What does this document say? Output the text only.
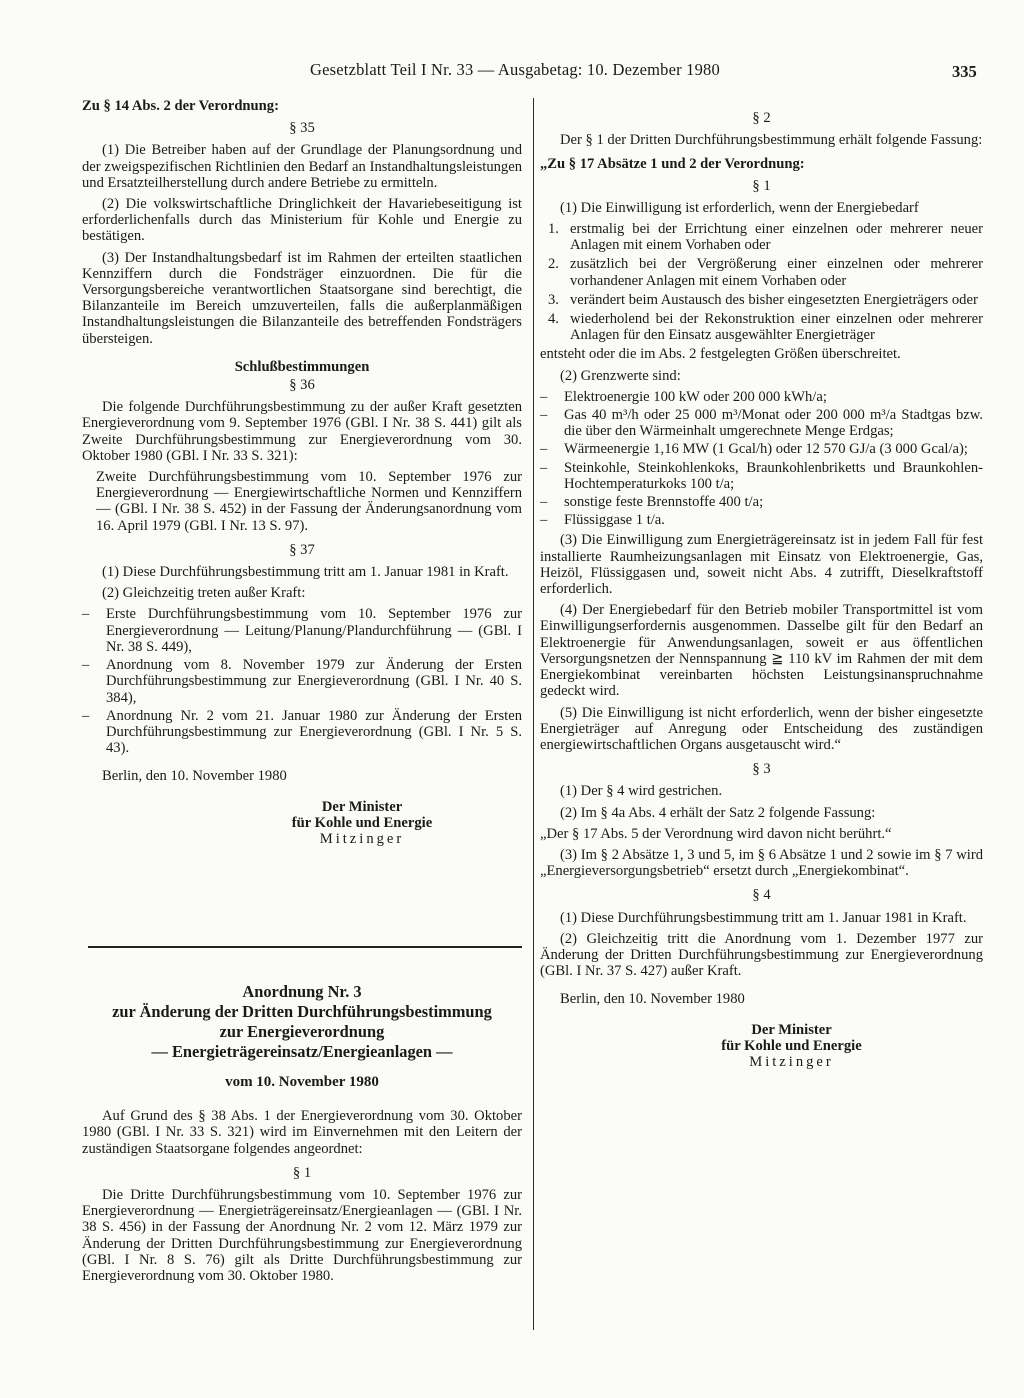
Gesetzblatt Teil I Nr. 33 — Ausgabetag: 10. Dezember 1980	335

Zu § 14 Abs. 2 der Verordnung:

§ 35

(1) Die Betreiber haben auf der Grundlage der Planungsordnung und der zweigspezifischen Richtlinien den Bedarf an Instandhaltungsleistungen und Ersatzteilherstellung durch andere Betriebe zu ermitteln.

(2) Die volkswirtschaftliche Dringlichkeit der Havariebeseitigung ist erforderlichenfalls durch das Ministerium für Kohle und Energie zu bestätigen.

(3) Der Instandhaltungsbedarf ist im Rahmen der erteilten staatlichen Kennziffern durch die Fondsträger einzuordnen. Die für die Versorgungsbereiche verantwortlichen Staatsorgane sind berechtigt, die Bilanzanteile im Bereich umzuverteilen, falls die außerplanmäßigen Instandhaltungsleistungen die Bilanzanteile des betreffenden Fondsträgers übersteigen.

Schlußbestimmungen
§ 36

Die folgende Durchführungsbestimmung zu der außer Kraft gesetzten Energieverordnung vom 9. September 1976 (GBl. I Nr. 38 S. 441) gilt als Zweite Durchführungsbestimmung zur Energieverordnung vom 30. Oktober 1980 (GBl. I Nr. 33 S. 321):

Zweite Durchführungsbestimmung vom 10. September 1976 zur Energieverordnung — Energiewirtschaftliche Normen und Kennziffern — (GBl. I Nr. 38 S. 452) in der Fassung der Änderungsanordnung vom 16. April 1979 (GBl. I Nr. 13 S. 97).

§ 37

(1) Diese Durchführungsbestimmung tritt am 1. Januar 1981 in Kraft.

(2) Gleichzeitig treten außer Kraft:

–	Erste Durchführungsbestimmung vom 10. September 1976 zur Energieverordnung — Leitung/Planung/Plandurchführung — (GBl. I Nr. 38 S. 449),
–	Anordnung vom 8. November 1979 zur Änderung der Ersten Durchführungsbestimmung zur Energieverordnung (GBl. I Nr. 40 S. 384),
–	Anordnung Nr. 2 vom 21. Januar 1980 zur Änderung der Ersten Durchführungsbestimmung zur Energieverordnung (GBl. I Nr. 5 S. 43).

Berlin, den 10. November 1980

Der Minister
für Kohle und Energie
Mitzinger
Anordnung Nr. 3
zur Änderung der Dritten Durchführungsbestimmung
zur Energieverordnung
— Energieträgereinsatz/Energieanlagen —
vom 10. November 1980

Auf Grund des § 38 Abs. 1 der Energieverordnung vom 30. Oktober 1980 (GBl. I Nr. 33 S. 321) wird im Einvernehmen mit den Leitern der zuständigen Staatsorgane folgendes angeordnet:

§ 1

Die Dritte Durchführungsbestimmung vom 10. September 1976 zur Energieverordnung — Energieträgereinsatz/Energieanlagen — (GBl. I Nr. 38 S. 456) in der Fassung der Anordnung Nr. 2 vom 12. März 1979 zur Änderung der Dritten Durchführungsbestimmung zur Energieverordnung (GBl. I Nr. 8 S. 76) gilt als Dritte Durchführungsbestimmung zur Energieverordnung vom 30. Oktober 1980.

§ 2

Der § 1 der Dritten Durchführungsbestimmung erhält folgende Fassung:

„Zu § 17 Absätze 1 und 2 der Verordnung:

§ 1

(1) Die Einwilligung ist erforderlich, wenn der Energiebedarf

1. erstmalig bei der Errichtung einer einzelnen oder mehrerer neuer Anlagen mit einem Vorhaben oder
2. zusätzlich bei der Vergrößerung einer einzelnen oder mehrerer vorhandener Anlagen mit einem Vorhaben oder
3. verändert beim Austausch des bisher eingesetzten Energieträgers oder
4. wiederholend bei der Rekonstruktion einer einzelnen oder mehrerer Anlagen für den Einsatz ausgewählter Energieträger

entsteht oder die im Abs. 2 festgelegten Größen überschreitet.

(2) Grenzwerte sind:

–	Elektroenergie 100 kW oder 200 000 kWh/a;
–	Gas 40 m³/h oder 25 000 m³/Monat oder 200 000 m³/a Stadtgas bzw. die über den Wärmeinhalt umgerechnete Menge Erdgas;
–	Wärmeenergie 1,16 MW (1 Gcal/h) oder 12 570 GJ/a (3 000 Gcal/a);
–	Steinkohle, Steinkohlenkoks, Braunkohlenbriketts und Braunkohlen-Hochtemperaturkoks 100 t/a;
–	sonstige feste Brennstoffe 400 t/a;
–	Flüssiggase 1 t/a.

(3) Die Einwilligung zum Energieträgereinsatz ist in jedem Fall für fest installierte Raumheizungsanlagen mit Einsatz von Elektroenergie, Gas, Heizöl, Flüssiggasen und, soweit nicht Abs. 4 zutrifft, Dieselkraftstoff erforderlich.

(4) Der Energiebedarf für den Betrieb mobiler Transportmittel ist vom Einwilligungserfordernis ausgenommen. Dasselbe gilt für den Bedarf an Elektroenergie für Anwendungsanlagen, soweit er aus öffentlichen Versorgungsnetzen der Nennspannung ≧ 110 kV im Rahmen der mit dem Energiekombinat vereinbarten höchsten Leistungsinanspruchnahme gedeckt wird.

(5) Die Einwilligung ist nicht erforderlich, wenn der bisher eingesetzte Energieträger auf Anregung oder Entscheidung des zuständigen energiewirtschaftlichen Organs ausgetauscht wird.“

§ 3

(1) Der § 4 wird gestrichen.

(2) Im § 4a Abs. 4 erhält der Satz 2 folgende Fassung:

„Der § 17 Abs. 5 der Verordnung wird davon nicht berührt.“

(3) Im § 2 Absätze 1, 3 und 5, im § 6 Absätze 1 und 2 sowie im § 7 wird „Energieversorgungsbetrieb“ ersetzt durch „Energiekombinat“.

§ 4

(1) Diese Durchführungsbestimmung tritt am 1. Januar 1981 in Kraft.

(2) Gleichzeitig tritt die Anordnung vom 1. Dezember 1977 zur Änderung der Dritten Durchführungsbestimmung zur Energieverordnung (GBl. I Nr. 37 S. 427) außer Kraft.

Berlin, den 10. November 1980

Der Minister
für Kohle und Energie
Mitzinger
